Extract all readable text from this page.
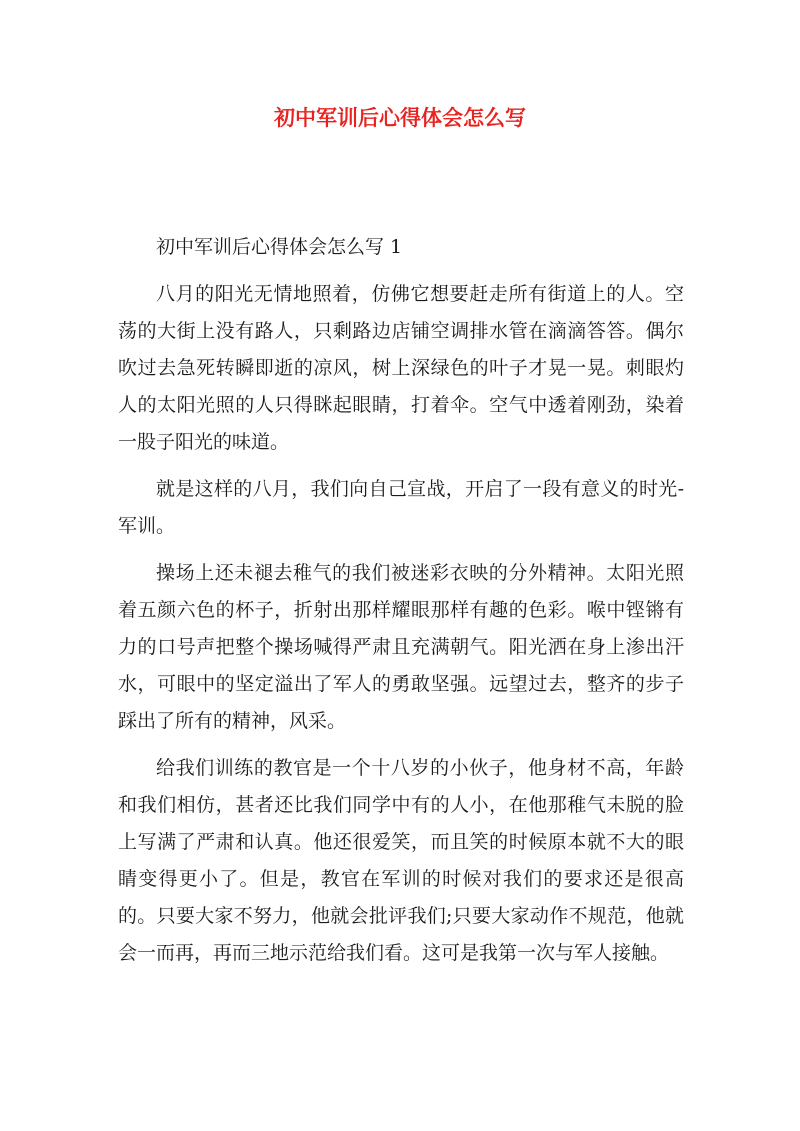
初中军训后心得体会怎么写

初中军训后心得体会怎么写 1

八月的阳光无情地照着，仿佛它想要赶走所有街道上的人。空荡的大街上没有路人，只剩路边店铺空调排水管在滴滴答答。偶尔吹过去急死转瞬即逝的凉风，树上深绿色的叶子才晃一晃。刺眼灼人的太阳光照的人只得眯起眼睛，打着伞。空气中透着刚劲，染着一股子阳光的味道。

就是这样的八月，我们向自己宣战，开启了一段有意义的时光-军训。

操场上还未褪去稚气的我们被迷彩衣映的分外精神。太阳光照着五颜六色的杯子，折射出那样耀眼那样有趣的色彩。喉中铿锵有力的口号声把整个操场喊得严肃且充满朝气。阳光洒在身上渗出汗水，可眼中的坚定溢出了军人的勇敢坚强。远望过去，整齐的步子踩出了所有的精神，风采。

给我们训练的教官是一个十八岁的小伙子，他身材不高，年龄和我们相仿，甚者还比我们同学中有的人小，在他那稚气未脱的脸上写满了严肃和认真。他还很爱笑，而且笑的时候原本就不大的眼睛变得更小了。但是，教官在军训的时候对我们的要求还是很高的。只要大家不努力，他就会批评我们;只要大家动作不规范，他就会一而再，再而三地示范给我们看。这可是我第一次与军人接触。
